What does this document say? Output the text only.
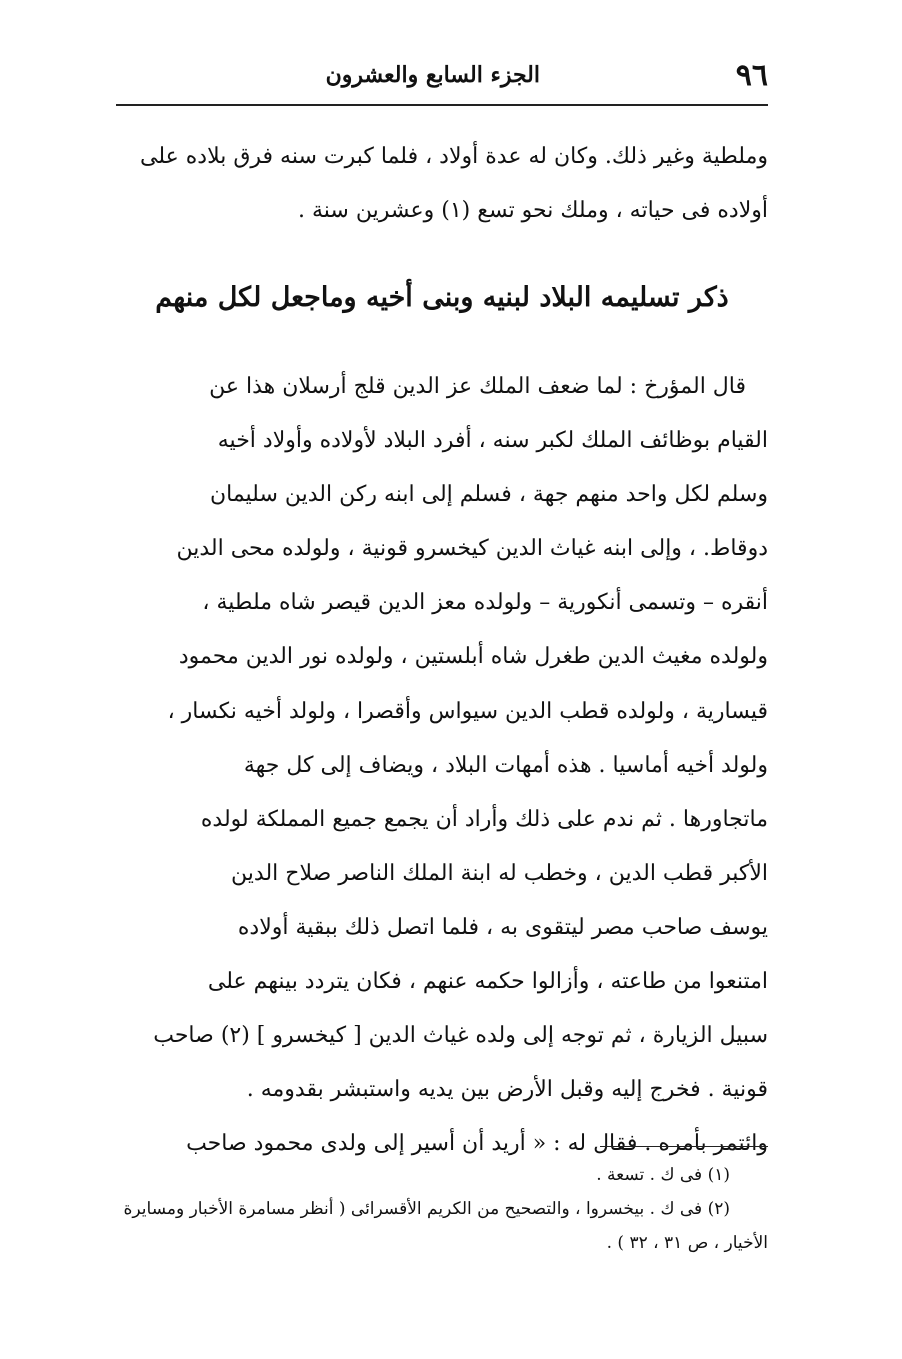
٩٦
الجزء السابع والعشرون
وملطية وغير ذلك. وكان له عدة أولاد ، فلما كبرت سنه فرق بلاده على
أولاده فى حياته ، وملك نحو تسع (١) وعشرين سنة .
ذكر تسليمه البلاد لبنيه وبنى أخيه وماجعل لكل منهم
قال المؤرخ : لما ضعف الملك عز الدين قلج أرسلان هذا عن
القيام بوظائف الملك لكبر سنه ، أفرد البلاد لأولاده وأولاد أخيه
وسلم لكل واحد منهم جهة ، فسلم إلى ابنه ركن الدين سليمان
دوقاط. ، وإلى ابنه غياث الدين كيخسرو قونية ، ولولده محى الدين
أنقره – وتسمى أنكورية – ولولده معز الدين قيصر شاه ملطية ،
ولولده مغيث الدين طغرل شاه أبلستين ، ولولده نور الدين محمود
قيسارية ، ولولده قطب الدين سيواس وأقصرا ، ولولد أخيه نكسار ،
ولولد أخيه أماسيا . هذه أمهات البلاد ، ويضاف إلى كل جهة
ماتجاورها . ثم ندم على ذلك وأراد أن يجمع جميع المملكة لولده
الأكبر قطب الدين ، وخطب له ابنة الملك الناصر صلاح الدين
يوسف صاحب مصر ليتقوى به ، فلما اتصل ذلك ببقية أولاده
امتنعوا من طاعته ، وأزالوا حكمه عنهم ، فكان يتردد بينهم على
سبيل الزيارة ، ثم توجه إلى ولده غياث الدين [ كيخسرو ] (٢) صاحب
قونية . فخرج إليه وقبل الأرض بين يديه واستبشر بقدومه .
وائتمر بأمره . فقال له : « أريد أن أسير إلى ولدى محمود صاحب
(١) فى ك . تسعة .
(٢) فى ك . بيخسروا ، والتصحيح من الكريم الأقسرائى ( أنظر مسامرة الأخبار ومسايرة
الأخيار ، ص ٣١ ، ٣٢ ) .
